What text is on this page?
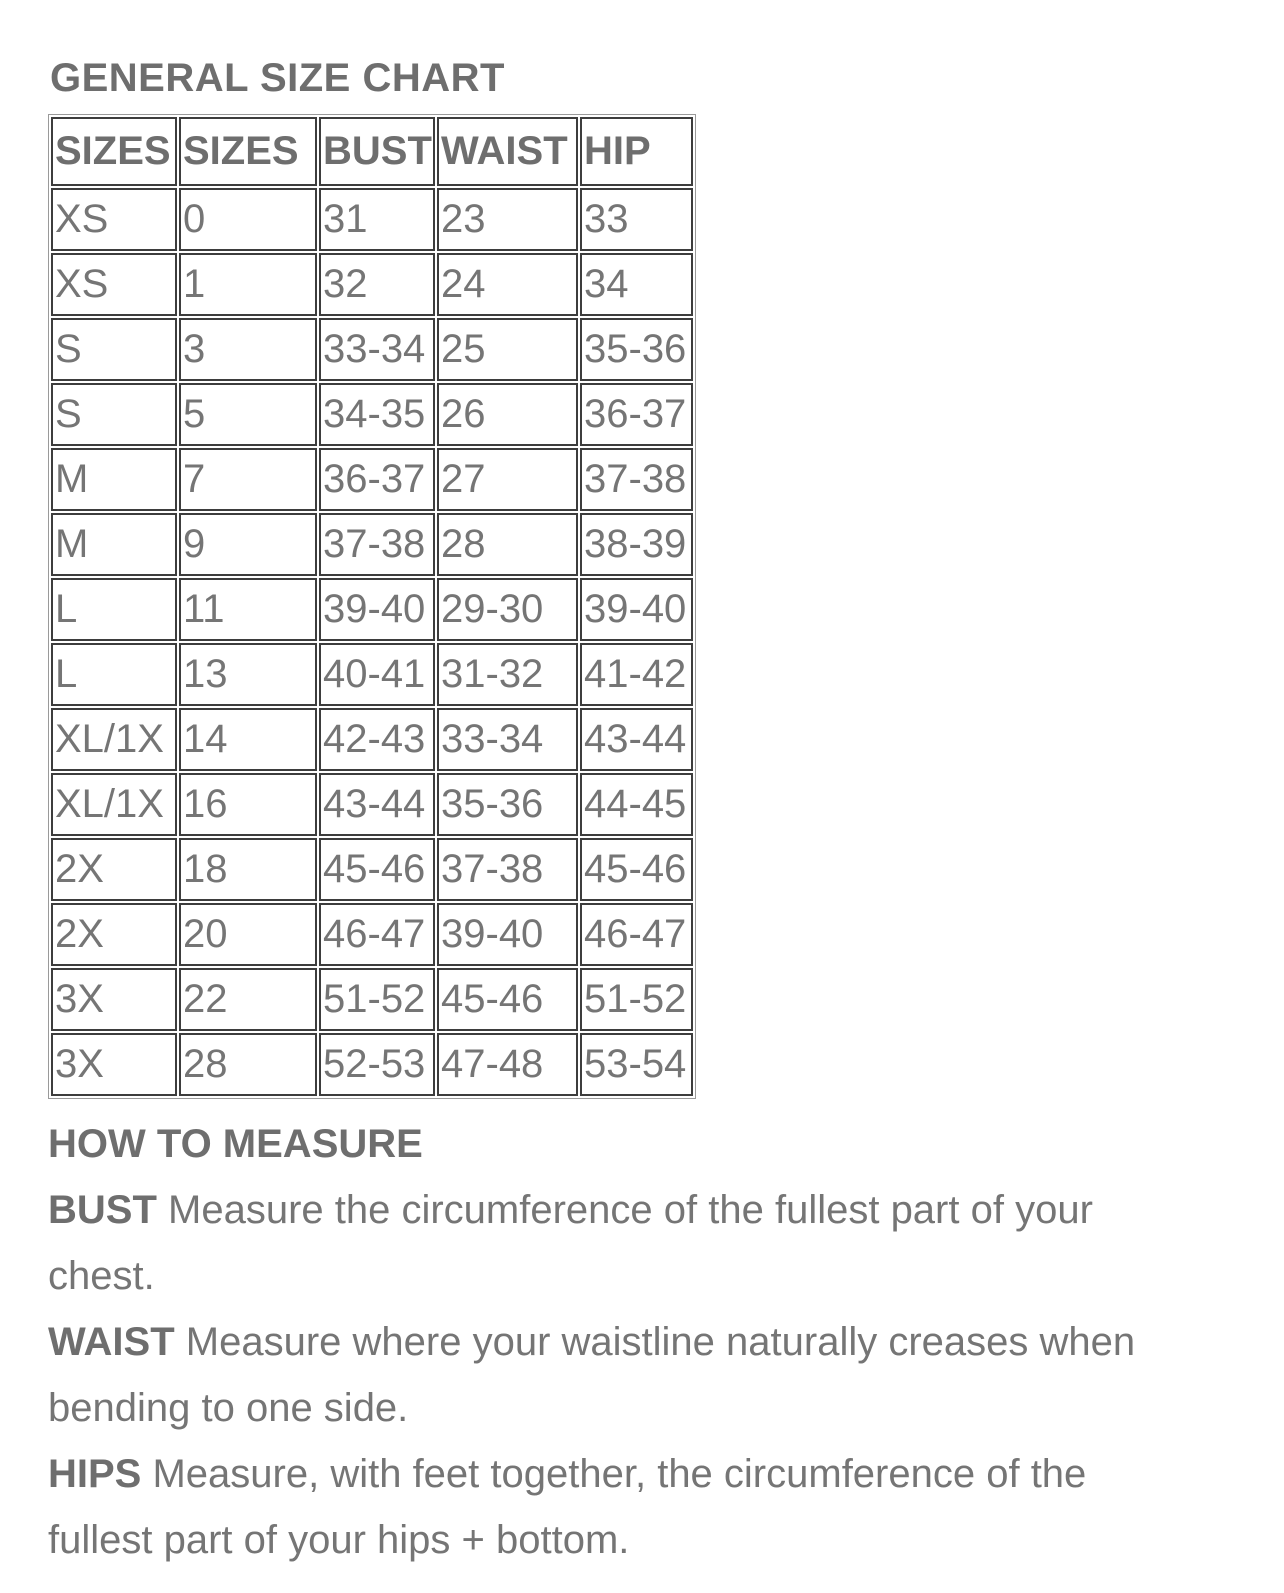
GENERAL SIZE CHART
SIZES	SIZES	BUST	WAIST	HIP
XS	0	31	23	33
XS	1	32	24	34
S	3	33-34	25	35-36
S	5	34-35	26	36-37
M	7	36-37	27	37-38
M	9	37-38	28	38-39
L	11	39-40	29-30	39-40
L	13	40-41	31-32	41-42
XL/1X	14	42-43	33-34	43-44
XL/1X	16	43-44	35-36	44-45
2X	18	45-46	37-38	45-46
2X	20	46-47	39-40	46-47
3X	22	51-52	45-46	51-52
3X	28	52-53	47-48	53-54
HOW TO MEASURE

BUST Measure the circumference of the fullest part of your chest.

WAIST Measure where your waistline naturally creases when bending to one side.

HIPS Measure, with feet together, the circumference of the fullest part of your hips + bottom.
